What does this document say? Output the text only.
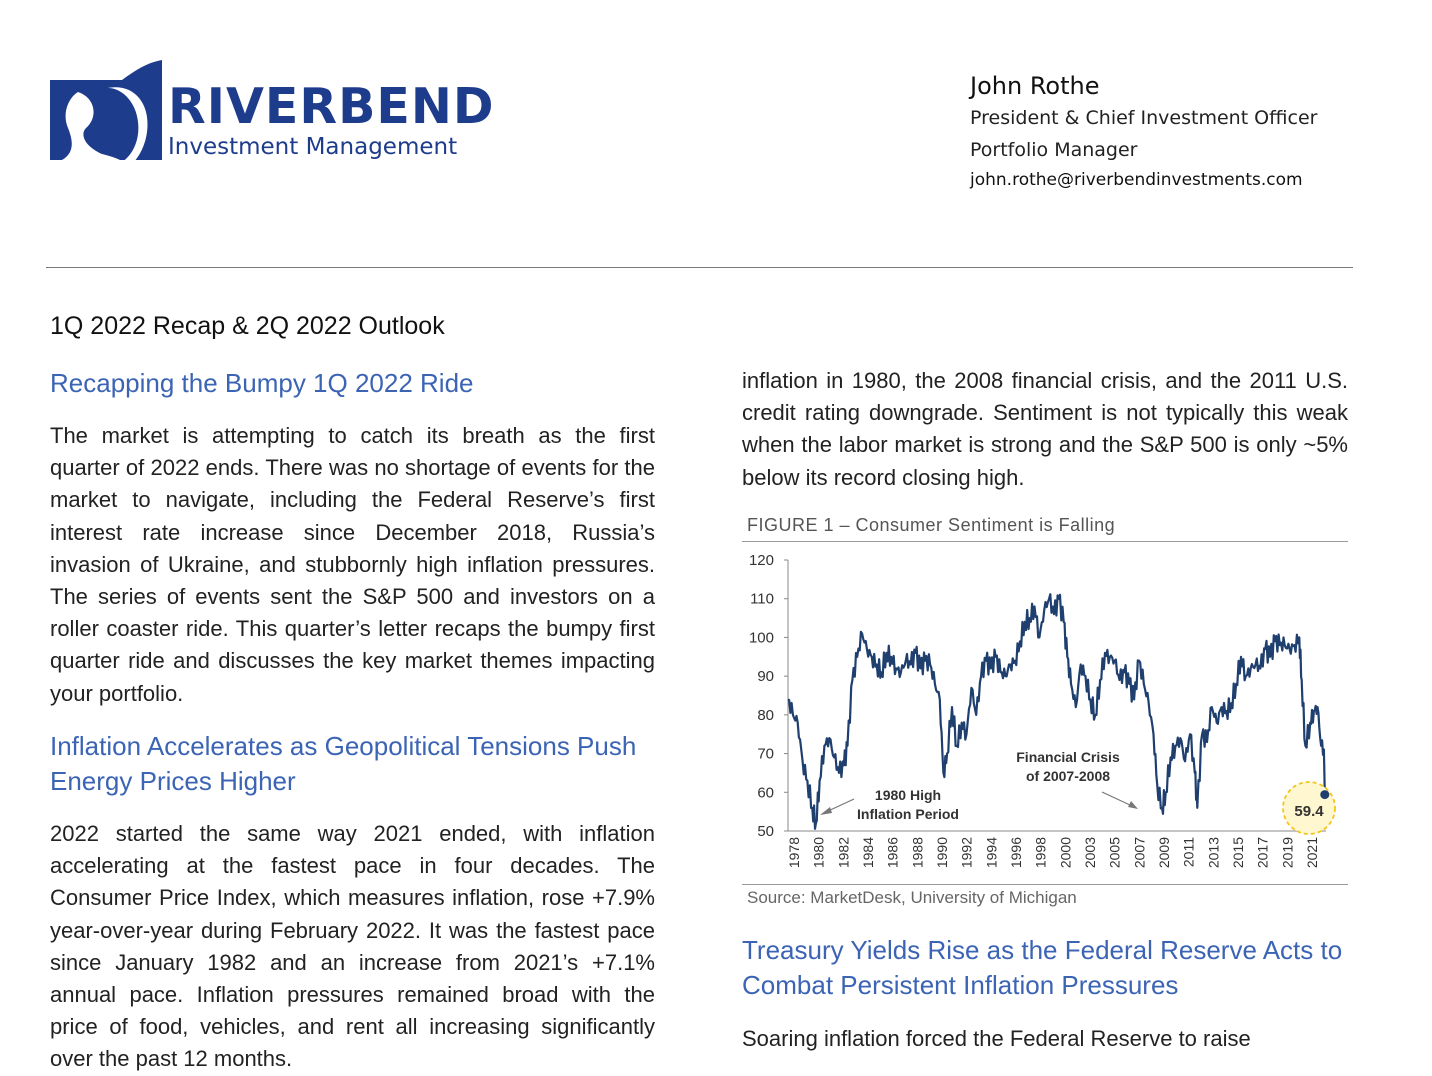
RIVERBEND
Investment Management
John Rothe
President & Chief Investment Officer
Portfolio Manager
john.rothe@riverbendinvestments.com
1Q 2022 Recap & 2Q 2022 Outlook
Recapping the Bumpy 1Q 2022 Ride

The market is attempting to catch its breath as the first quarter of 2022 ends. There was no shortage of events for the market to navigate, including the Federal Reserve’s first interest rate increase since December 2018, Russia’s invasion of Ukraine, and stubbornly high inflation pressures. The series of events sent the S&P 500 and investors on a roller coaster ride. This quarter’s letter recaps the bumpy first quarter ride and discusses the key market themes impacting your portfolio.

Inflation Accelerates as Geopolitical Tensions Push Energy Prices Higher

2022 started the same way 2021 ended, with inflation accelerating at the fastest pace in four decades. The Consumer Price Index, which measures inflation, rose +7.9% year-over-year during February 2022. It was the fastest pace since January 1982 and an increase from 2021’s +7.1% annual pace. Inflation pressures remained broad with the price of food, vehicles, and rent all increasing significantly over the past 12 months.

inflation in 1980, the 2008 financial crisis, and the 2011 U.S. credit rating downgrade. Sentiment is not typically this weak when the labor market is strong and the S&P 500 is only ~5% below its record closing high.

FIGURE 1 – Consumer Sentiment is Falling
50
60
70
80
90
100
110
120
1978 1980 1982 1984 1986 1988 1990 1992 1994 1996 1998 2000 2003 2005 2007 2009 2011 2013 2015 2017 2019 2021
1980 High
Inflation Period
Financial Crisis
of 2007-2008
59.4
Source: MarketDesk, University of Michigan
Treasury Yields Rise as the Federal Reserve Acts to Combat Persistent Inflation Pressures

Soaring inflation forced the Federal Reserve to raise
